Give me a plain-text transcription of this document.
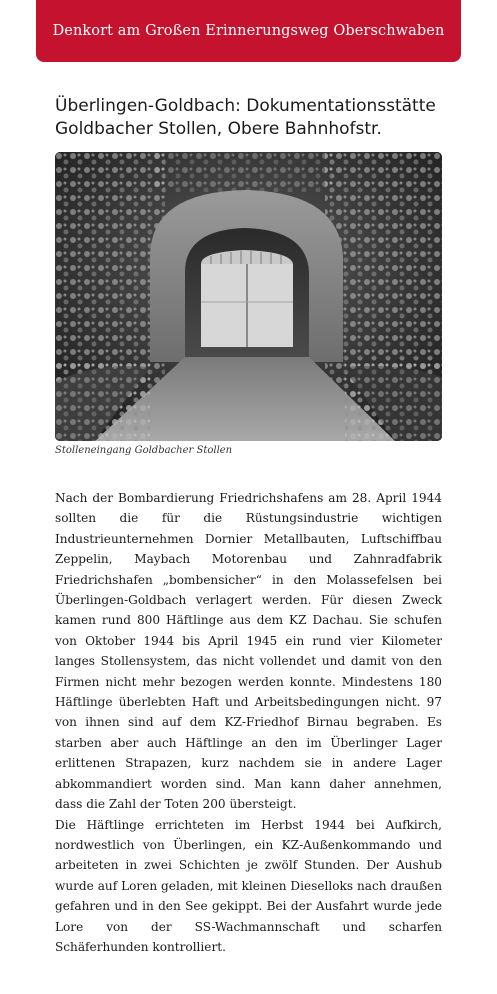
Denkort am Großen Erinnerungsweg Oberschwaben
Überlingen-Goldbach: Dokumentationsstätte
Goldbacher Stollen, Obere Bahnhofstr.
Stolleneingang Goldbacher Stollen

Nach der Bombardierung Friedrichshafens am 28. April 1944 sollten die für die Rüstungsindustrie wichtigen Industrieunternehmen Dornier Metallbauten, Luftschiffbau Zeppelin, Maybach Motorenbau und Zahnradfabrik Friedrichshafen „bombensicher“ in den Molassefelsen bei Überlingen-Goldbach verlagert werden. Für diesen Zweck kamen rund 800 Häftlinge aus dem KZ Dachau. Sie schufen von Oktober 1944 bis April 1945 ein rund vier Kilometer langes Stollensystem, das nicht vollendet und damit von den Firmen nicht mehr bezogen werden konnte. Mindestens 180 Häftlinge überlebten Haft und Arbeitsbedingungen nicht. 97 von ihnen sind auf dem KZ-Friedhof Birnau begraben. Es starben aber auch Häftlinge an den im Überlinger Lager erlittenen Strapazen, kurz nachdem sie in andere Lager abkommandiert worden sind. Man kann daher annehmen, dass die Zahl der Toten 200 übersteigt.

Die Häftlinge errichteten im Herbst 1944 bei Aufkirch, nordwestlich von Überlingen, ein KZ-Außenkommando und arbeiteten in zwei Schichten je zwölf Stunden. Der Aushub wurde auf Loren geladen, mit kleinen Dieselloks nach draußen gefahren und in den See gekippt. Bei der Ausfahrt wurde jede Lore von der SS-Wachmannschaft und scharfen Schäferhunden kontrolliert.
